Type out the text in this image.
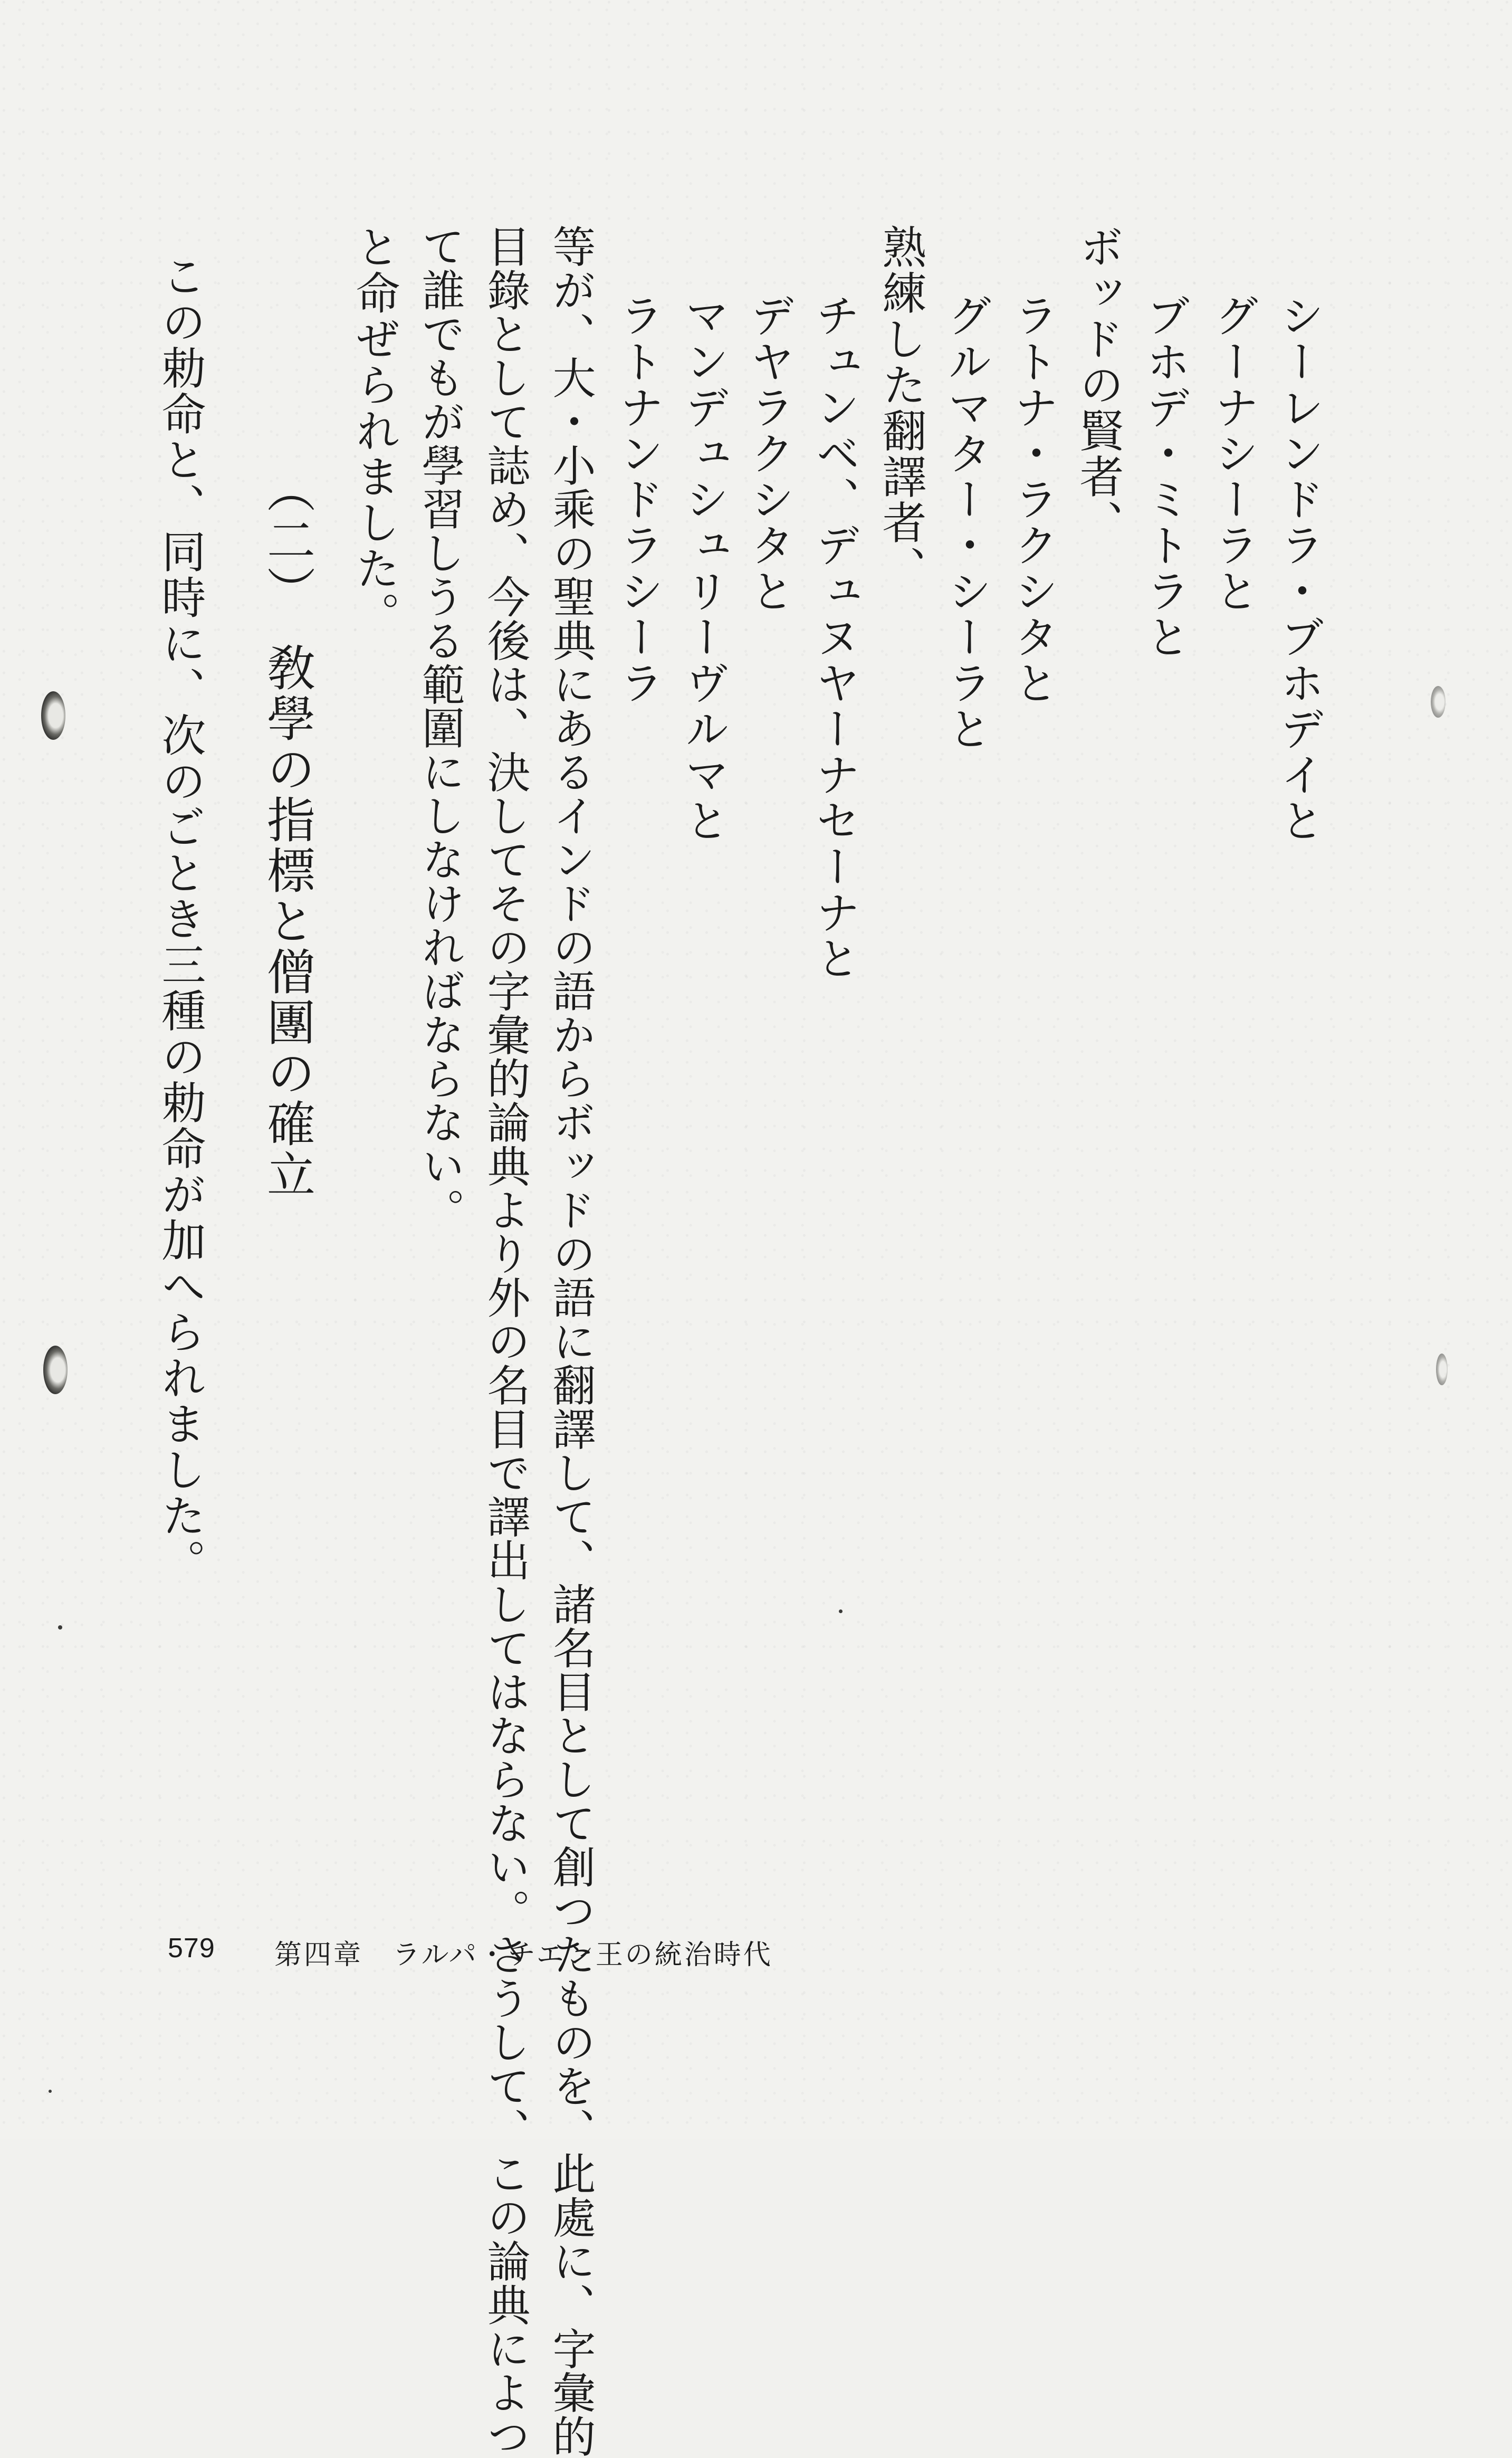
シーレンドラ・ブホデイと
グーナシーラと
ブホデ・ミトラと
ボッドの賢者、
ラトナ・ラクシタと
グルマター・シーラと
熟練した翻譯者、
チュンベ、デュヌヤーナセーナと
デヤラクシタと
マンデュシュリーヴルマと
ラトナンドラシーラ
等が、大・小乘の聖典にあるインドの語からボッドの語に翻譯して、諸名目として創つたものを、此處に、字彙的
目錄として誌め、今後は、決してその字彙的論典より外の名目で譯出してはならない。さうして、この論典によつ
て誰でもが學習しうる範圍にしなければならない。
と命ぜられました。
（二）　敎學の指標と僧團の確立
この勅命と、同時に、次のごとき三種の勅命が加へられました。
579 第四章　ラルパ・チエン王の統治時代
